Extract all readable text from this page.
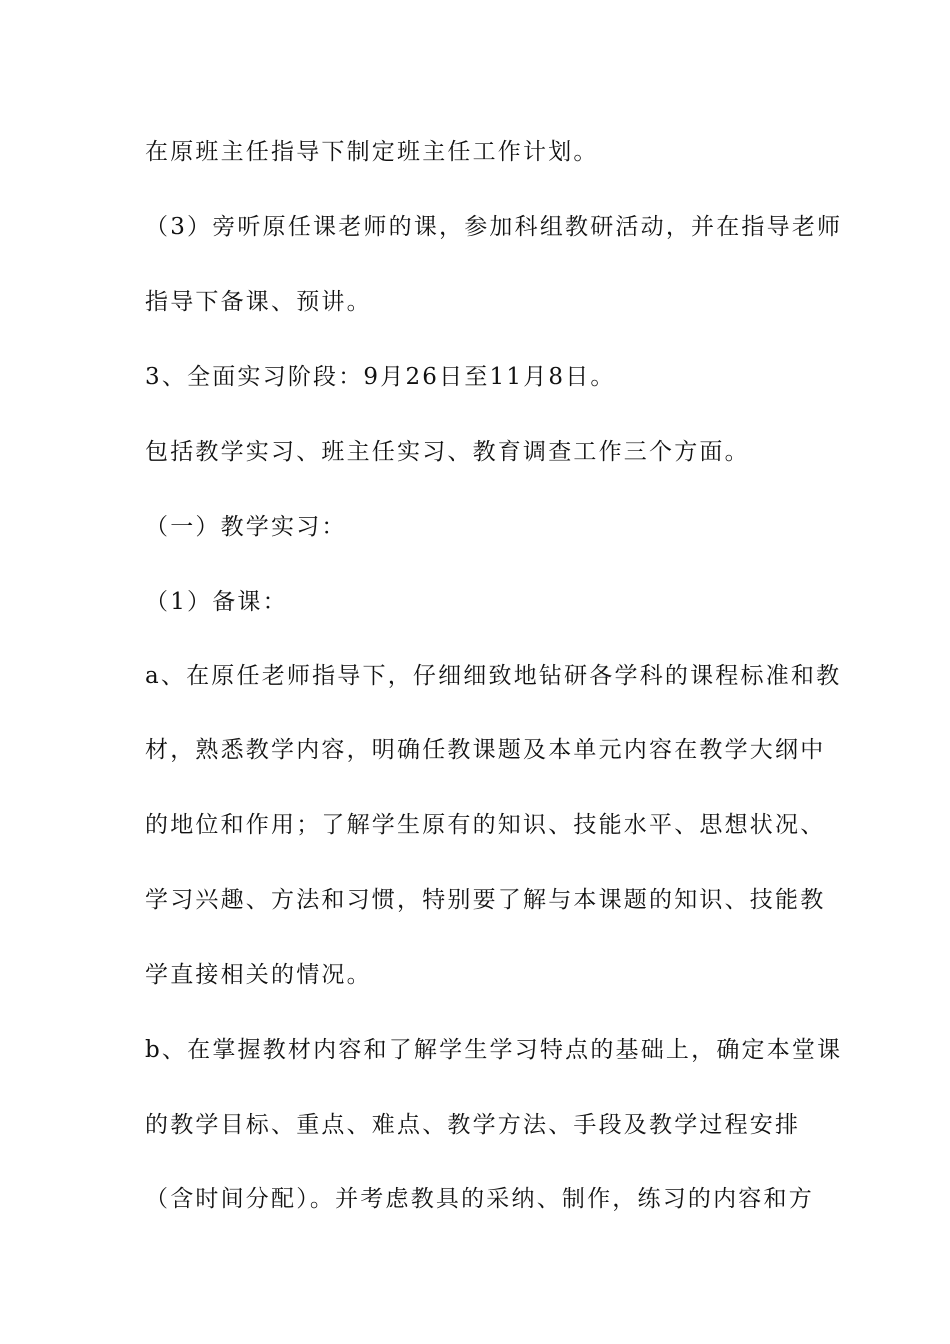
在原班主任指导下制定班主任工作计划。

（3）旁听原任课老师的课，参加科组教研活动，并在指导老师

指导下备课、预讲。

3、全面实习阶段：9月26日至11月8日。

包括教学实习、班主任实习、教育调查工作三个方面。

（一）教学实习：

（1）备课：

a、在原任老师指导下，仔细细致地钻研各学科的课程标准和教

材，熟悉教学内容，明确任教课题及本单元内容在教学大纲中

的地位和作用；了解学生原有的知识、技能水平、思想状况、

学习兴趣、方法和习惯，特别要了解与本课题的知识、技能教

学直接相关的情况。

b、在掌握教材内容和了解学生学习特点的基础上，确定本堂课

的教学目标、重点、难点、教学方法、手段及教学过程安排

（含时间分配）。并考虑教具的采纳、制作，练习的内容和方
